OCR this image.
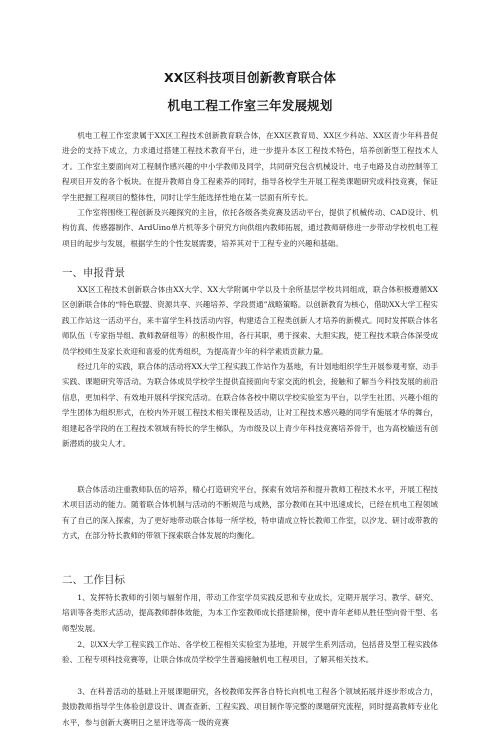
XX区科技项目创新教育联合体
机电工程工作室三年发展规划

机电工程工作室隶属于XX区工程技术创新教育联合体，在XX区教育局、XX区少科站、XX区青少年科普促进会的支持下成立，力求通过搭建工程技术教育平台，进一步提升本区工程技术特色，培养创新型工程技术人才。工作室主要面向对工程制作感兴趣的中小学教师及同学，共同研究包含机械设计、电子电路及自动控制等工程项目开发的各个板块。在提升教师自身工程素养的同时，指导各校学生开展工程类课题研究或科技竞赛，保证学生把握工程项目的整体性，同时让学生能选择性地在某一层面有所专长。

工作室将围绕工程创新及兴趣探究的主旨，依托各级各类竞赛及活动平台，提供了机械传动、CAD设计、机构仿真、传感器制作、ArdUino单片机等多个研究方向供组内教师拓展，通过教师研修进一步带动学校机电工程项目的起步与发展，根据学生的个性发展需要，培养其对于工程专业的兴趣和基础。

一、申报背景

XX区工程技术创新联合体由XX大学、XX大学附属中学以及十余所基层学校共同组成，联合体积极遵循XX区创新联合体的“特色联盟、资源共享、兴趣培养、学段贯通”战略策略。以创新教育为核心，借助XX大学工程实践工作站这一活动平台，来丰富学生科技活动内容，构建适合工程类创新人才培养的新模式。同时发挥联合体名师队伍（专家指导组、教师教研组等）的积极作用，各行其职，勇于探索、大胆实践，使工程技术联合体深受成员学校师生及家长欢迎和喜爱的优秀组织，为提高青少年的科学素质贡献力量。

经过几年的实践，联合体的活动将XX大学工程实践工作站作为基地，有计划地组织学生开展参观考察、动手实践、课题研究等活动。为联合体成员学校学生提供直接面向专家交流的机会，接触和了解当今科技发展的前沿信息，更加科学、有效地开展科学探究活动。在联合体各校中期以学校实验室为平台，以学生社团、兴趣小组的学生团体为组织形式，在校内外开展工程技术相关课程及活动，让对工程技术感兴趣的同学有施展才华的舞台，组建起各学段的在工程技术领域有特长的学生梯队，为市级及以上青少年科技竞赛培养骨干，也为高校输送有创新潜质的拔尖人才。

联合体活动注重教师队伍的培养，精心打造研究平台，探索有效培养和提升教师工程技术水平，开展工程技术项目活动的能力。随着联合体机制与活动的不断规范与成熟，部分教师在其中迅速成长，已经在机电工程领域有了自己的深入探索，为了更好地带动联合体每一所学校，特申请成立特长教师工作室，以汐龙、研讨或带教的方式，在部分特长教师的带领下探索联合体发展的均衡化。

二、工作目标

1、发挥特长教师的引领与辐射作用，带动工作室学员实践反思和专业成长，定期开展学习、教学、研究、培训等各类形式活动，提高教师群体效能，为本工作室教师成长搭建阶梯，使中青年老师从胜任型向骨干型、名师型发展。

2、以XX大学工程实践工作站、各学校工程相关实验室为基地，开展学生系列活动，包括普及型工程实践体验、工程专项科技竞赛等，让联合体成员学校学生普遍接触机电工程项目，了解其相关技术。

3、在科普活动的基础上开展课题研究，各校教师发挥各自特长向机电工程各个领域拓展并逐步形成合力，鼓励教师指导学生体验创意设计、调查查新、工程实践、项目制作等完整的课题研究流程，同时提高教师专业化水平，参与创新大赛明日之星评选等高一级的竞赛
